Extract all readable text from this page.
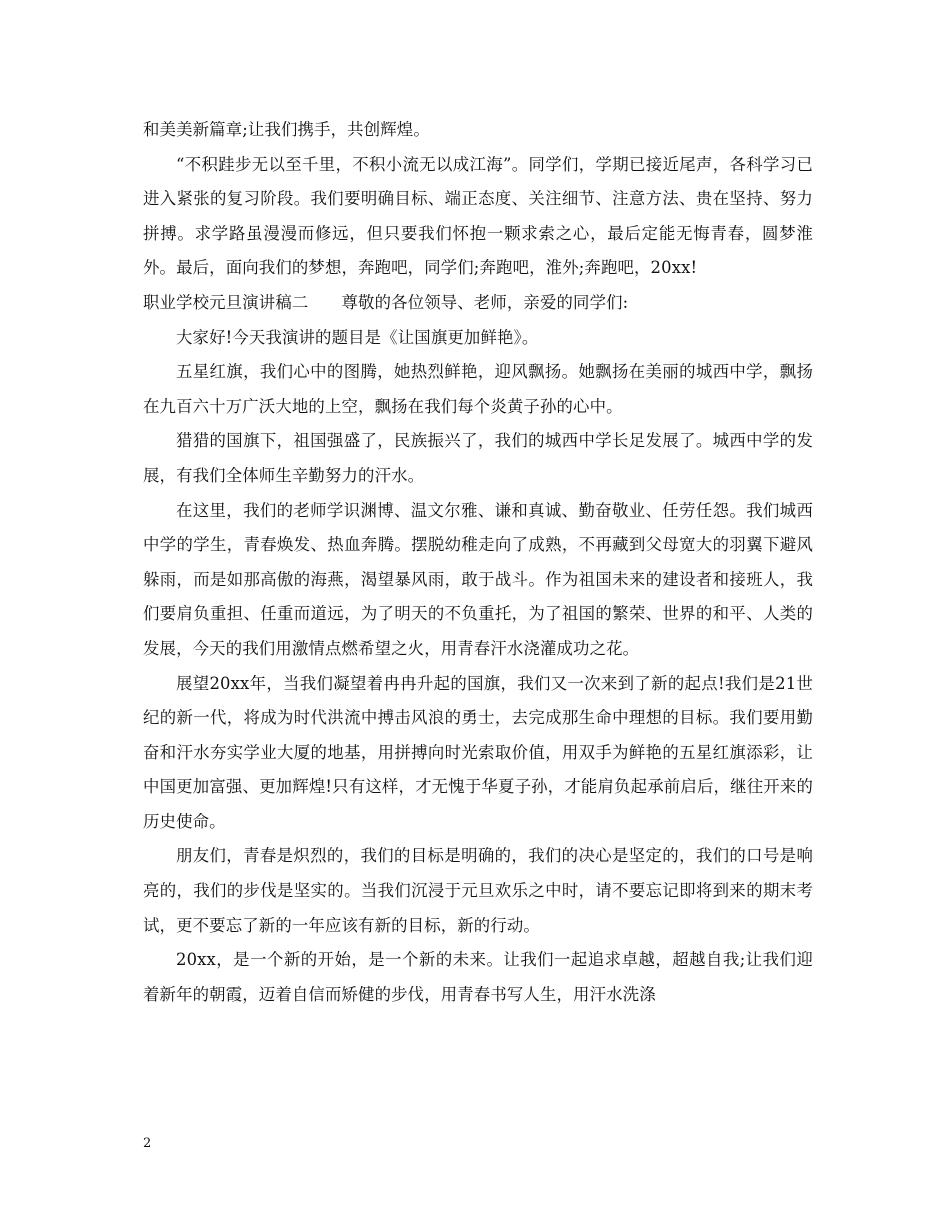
和美美新篇章;让我们携手，共创辉煌。

“不积跬步无以至千里，不积小流无以成江海”。同学们，学期已接近尾声，各科学习已进入紧张的复习阶段。我们要明确目标、端正态度、关注细节、注意方法、贵在坚持、努力拼搏。求学路虽漫漫而修远，但只要我们怀抱一颗求索之心，最后定能无悔青春，圆梦淮外。最后，面向我们的梦想，奔跑吧，同学们;奔跑吧，淮外;奔跑吧，20xx!

职业学校元旦演讲稿二　　尊敬的各位领导、老师，亲爱的同学们:

大家好!今天我演讲的题目是《让国旗更加鲜艳》。

五星红旗，我们心中的图腾，她热烈鲜艳，迎风飘扬。她飘扬在美丽的城西中学，飘扬在九百六十万广沃大地的上空，飘扬在我们每个炎黄子孙的心中。

猎猎的国旗下，祖国强盛了，民族振兴了，我们的城西中学长足发展了。城西中学的发展，有我们全体师生辛勤努力的汗水。

在这里，我们的老师学识渊博、温文尔雅、谦和真诚、勤奋敬业、任劳任怨。我们城西中学的学生，青春焕发、热血奔腾。摆脱幼稚走向了成熟，不再藏到父母宽大的羽翼下避风躲雨，而是如那高傲的海燕，渴望暴风雨，敢于战斗。作为祖国未来的建设者和接班人，我们要肩负重担、任重而道远，为了明天的不负重托，为了祖国的繁荣、世界的和平、人类的发展，今天的我们用激情点燃希望之火，用青春汗水浇灌成功之花。

展望20xx年，当我们凝望着冉冉升起的国旗，我们又一次来到了新的起点!我们是21世纪的新一代，将成为时代洪流中搏击风浪的勇士，去完成那生命中理想的目标。我们要用勤奋和汗水夯实学业大厦的地基，用拼搏向时光索取价值，用双手为鲜艳的五星红旗添彩，让中国更加富强、更加辉煌!只有这样，才无愧于华夏子孙，才能肩负起承前启后，继往开来的历史使命。

朋友们，青春是炽烈的，我们的目标是明确的，我们的决心是坚定的，我们的口号是响亮的，我们的步伐是坚实的。当我们沉浸于元旦欢乐之中时，请不要忘记即将到来的期末考试，更不要忘了新的一年应该有新的目标，新的行动。

20xx，是一个新的开始，是一个新的未来。让我们一起追求卓越，超越自我;让我们迎着新年的朝霞，迈着自信而矫健的步伐，用青春书写人生，用汗水洗涤

2
